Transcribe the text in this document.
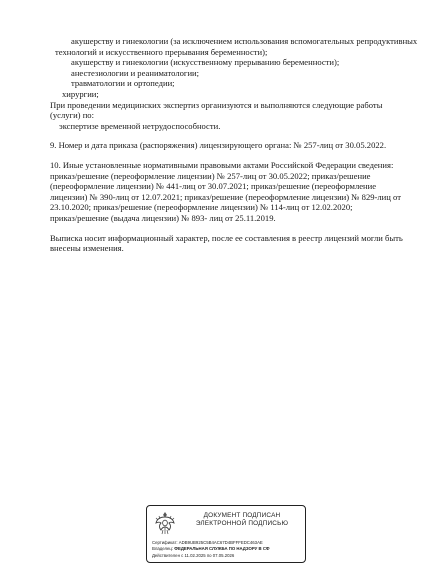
акушерству и гинекологии (за исключением использования вспомогательных репродуктивных
технологий и искусственного прерывания беременности);
акушерству и гинекологии (искусственному прерыванию беременности);
анестезиологии и реаниматологии;
травматологии и ортопедии;
хирургии;
При проведении медицинских экспертиз организуются и выполняются следующие работы
(услуги) по:
экспертизе временной нетрудоспособности.
9. Номер и дата приказа (распоряжения) лицензирующего органа: № 257-лиц от 30.05.2022.
10. Иные установленные нормативными правовыми актами Российской Федерации сведения:
приказ/решение (переоформление лицензии) № 257-лиц от 30.05.2022; приказ/решение
(переоформление лицензии) № 441-лиц от 30.07.2021; приказ/решение (переоформление
лицензии) № 390-лиц от 12.07.2021; приказ/решение (переоформление лицензии) № 829-лиц от
23.10.2020; приказ/решение (переоформление лицензии) № 114-лиц от 12.02.2020;
приказ/решение (выдача лицензии) № 893- лиц от 25.11.2019.
Выписка носит информационный характер, после ее составления в реестр лицензий могли быть
внесены изменения.
ДОКУМЕНТ ПОДПИСАН
ЭЛЕКТРОННОЙ ПОДПИСЬЮ
Сертификат: АDB9UB925C5B4AC67D4BFFFEDC463AE
Владелец: ФЕДЕРАЛЬНАЯ СЛУЖБА ПО НАДЗОРУ В СФ
Действителен с 11.02.2025 по 07.05.2026
